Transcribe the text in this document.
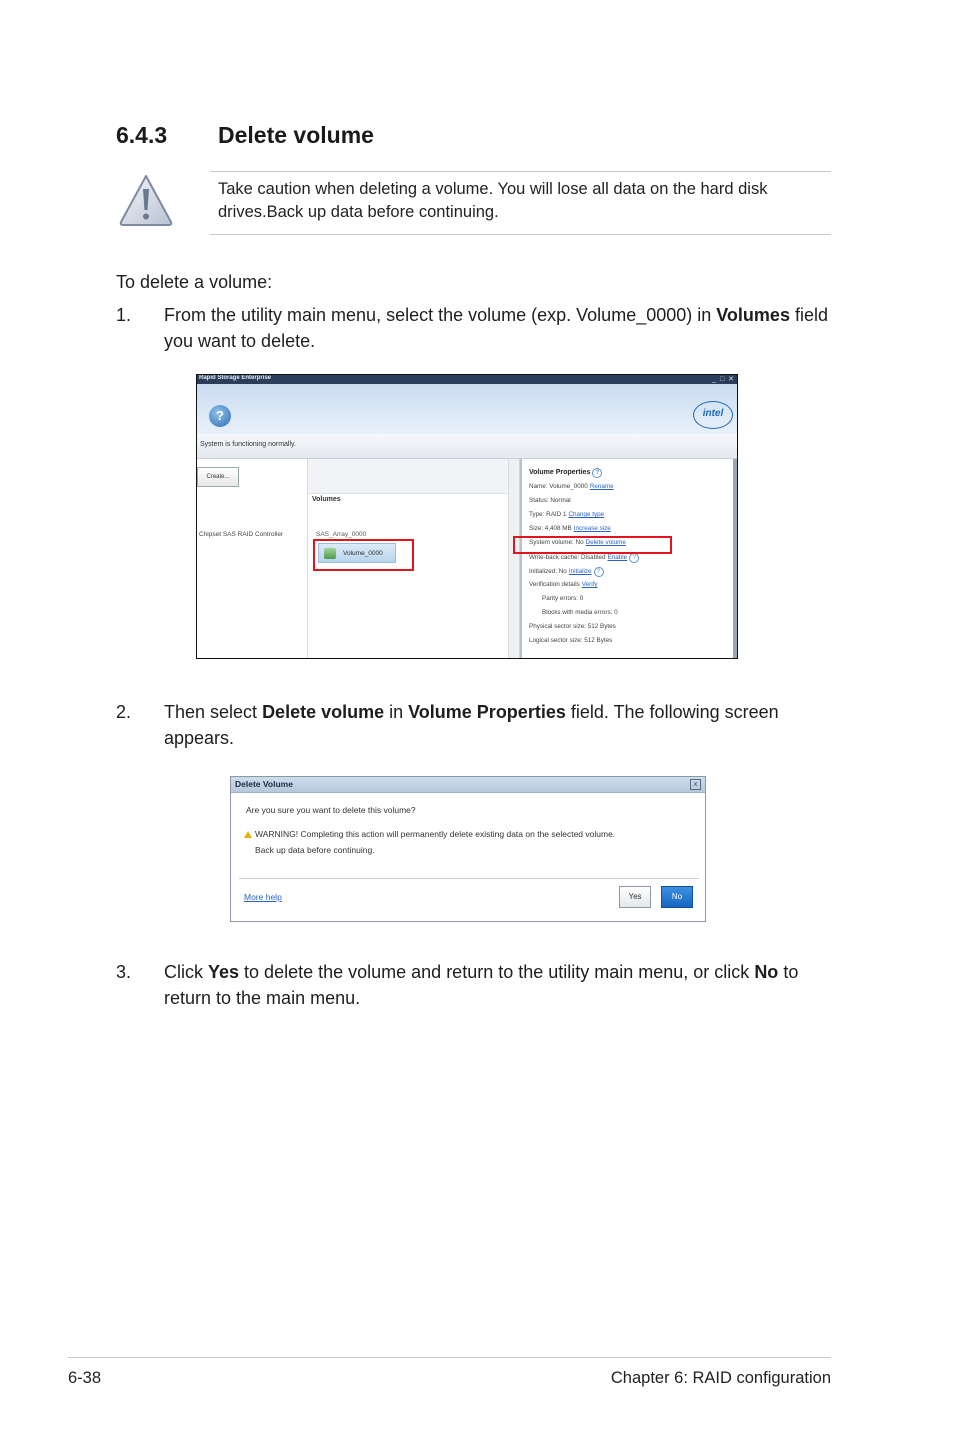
6.4.3 Delete volume
Take caution when deleting a volume. You will lose all data on the hard disk drives.Back up data before continuing.
To delete a volume:
1. From the utility main menu, select the volume (exp. Volume_0000) in Volumes field you want to delete.
Rapid Storage Enterprise	_ □ ✕
?	intel
System is functioning normally.
Create...
Chipset SAS RAID Controller
Volumes
SAS_Array_0000
Volume_0000
Volume Properties ?
Name: Volume_0000 Rename
Status: Normal
Type: RAID 1 Change type
Size: 4,408 MB Increase size
System volume: No Delete volume
Write-back cache: Disabled Enable ?
Initialized: No Initialize ?
Verification details Verify
Parity errors: 0
Blocks with media errors: 0
Physical sector size: 512 Bytes
Logical sector size: 512 Bytes
2. Then select Delete volume in Volume Properties field. The following screen appears.
Delete Volume	x
Are you sure you want to delete this volume?
WARNING! Completing this action will permanently delete existing data on the selected volume.
Back up data before continuing.
More help	Yes	No
3. Click Yes to delete the volume and return to the utility main menu, or click No to return to the main menu.
6-38	Chapter 6: RAID configuration
